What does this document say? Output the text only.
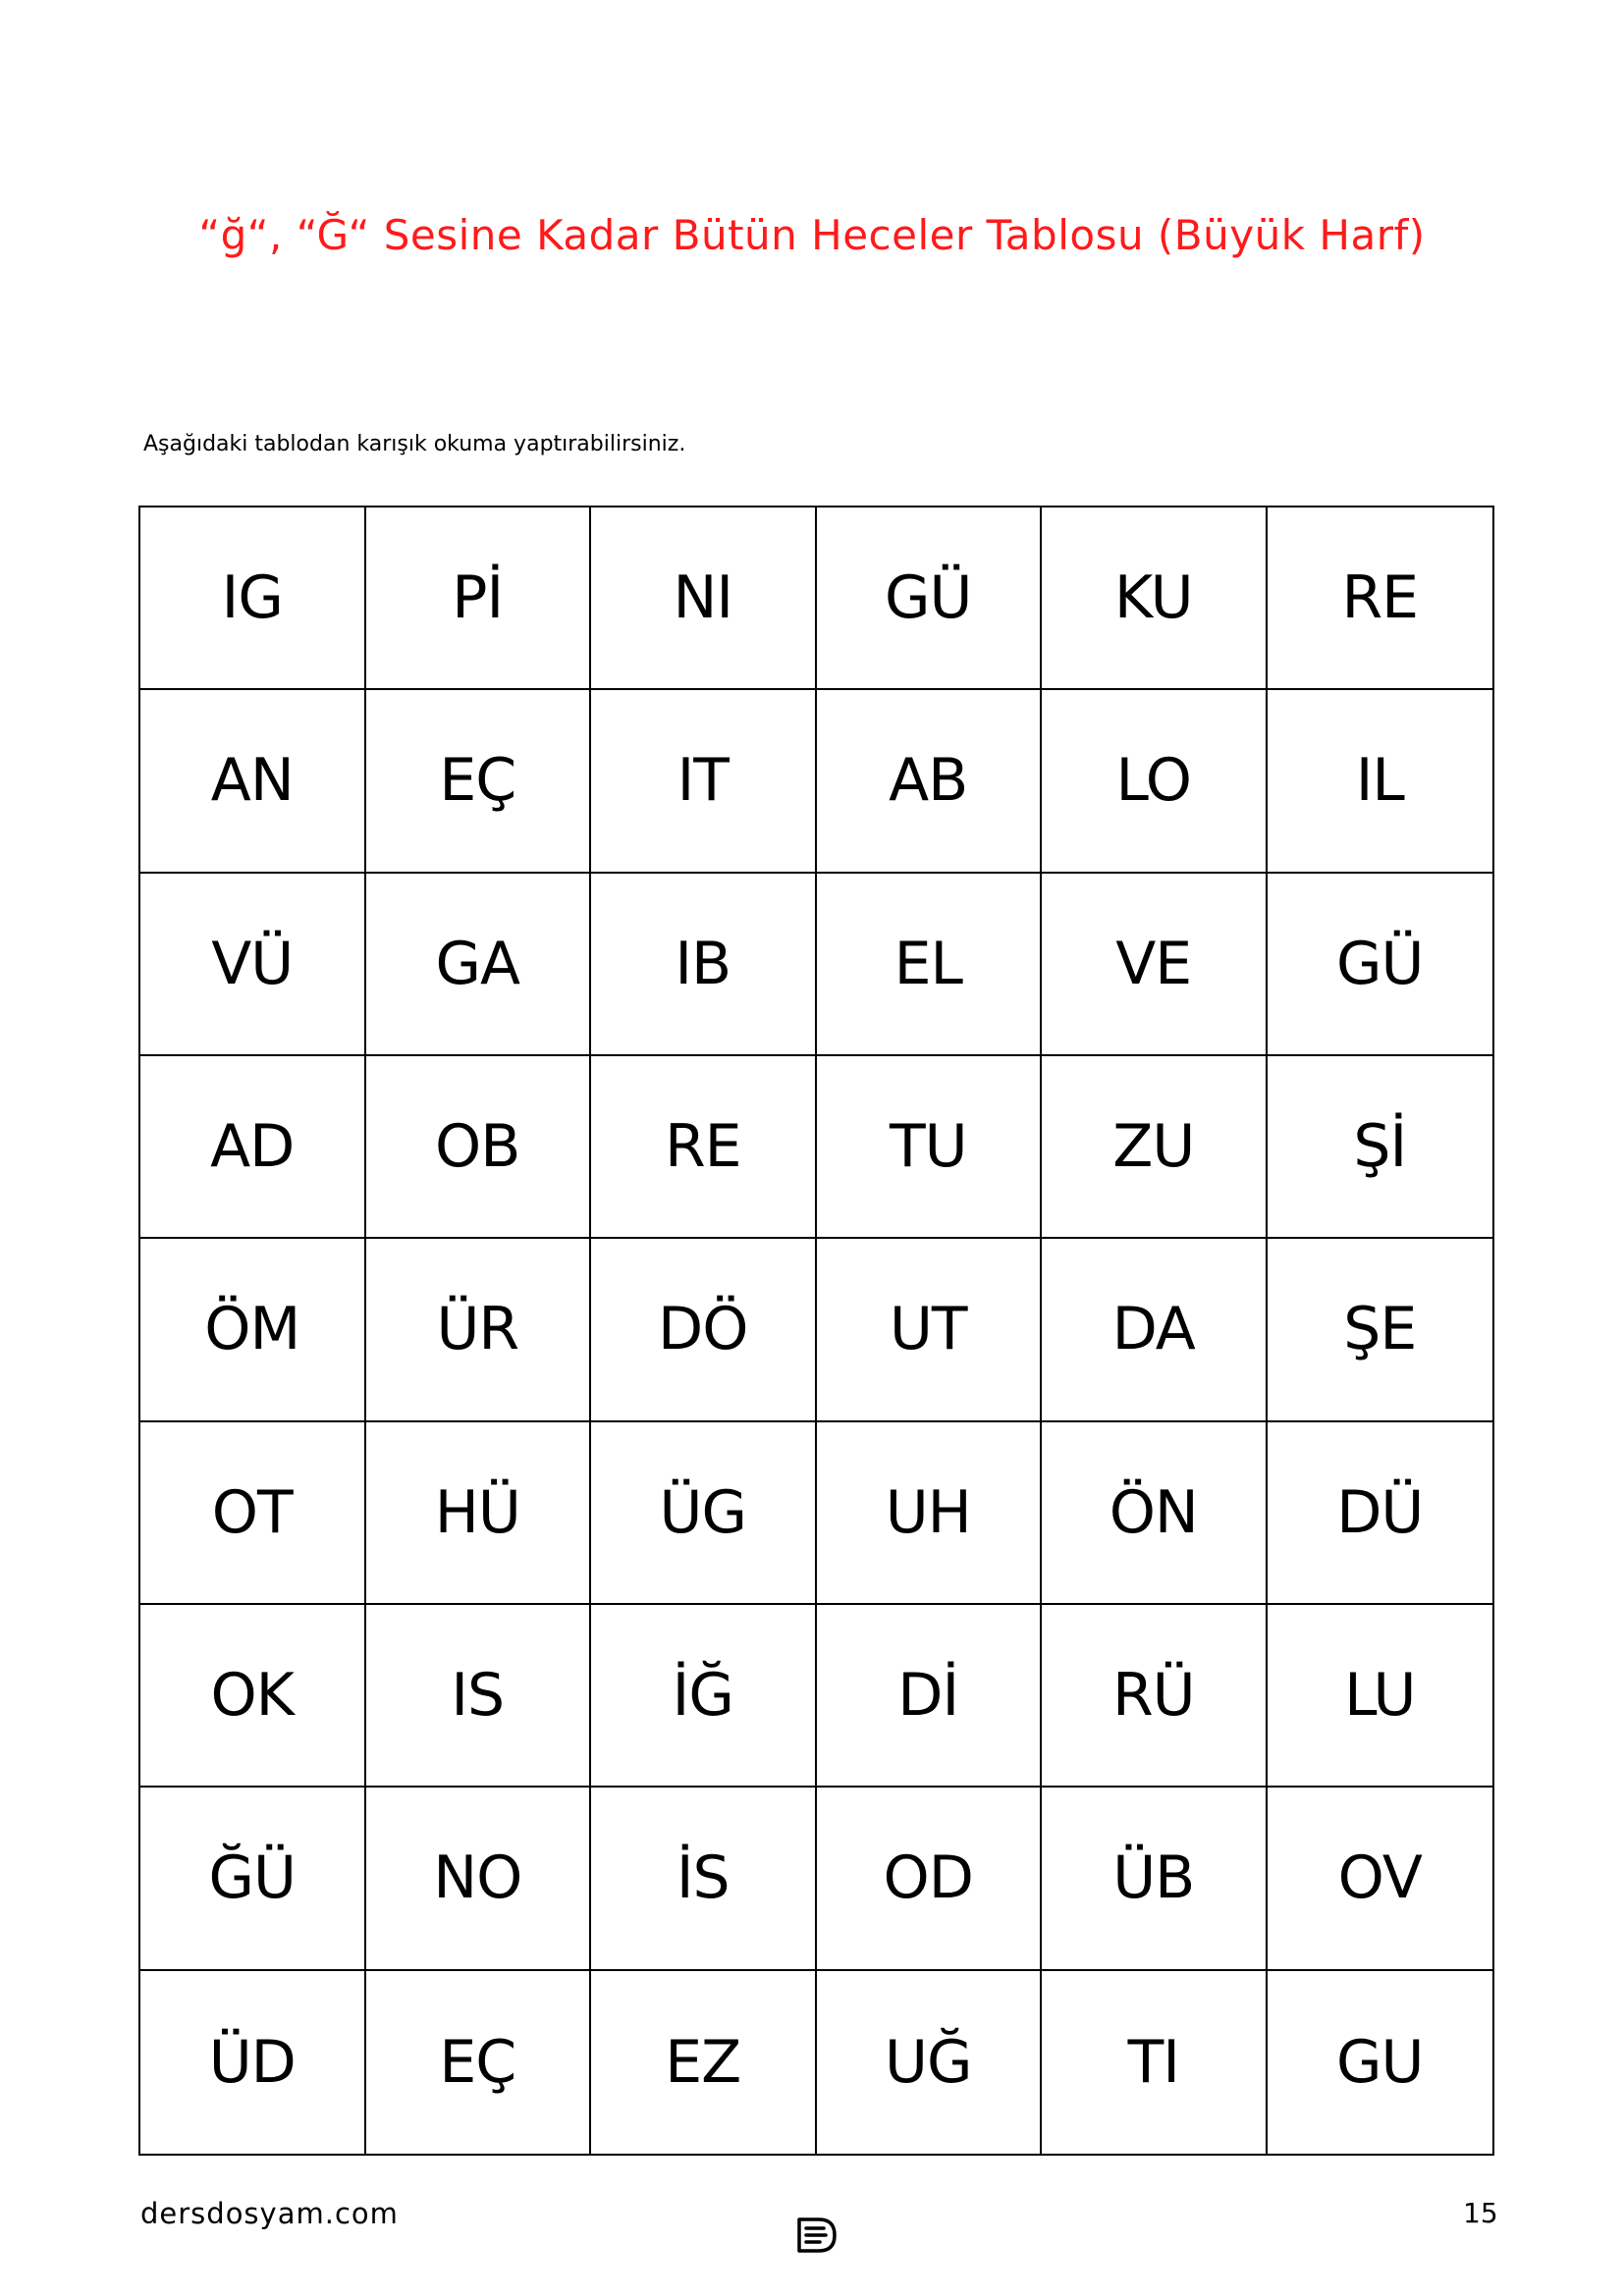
“ğ“, “Ğ“ Sesine Kadar Bütün Heceler Tablosu (Büyük Harf)
Aşağıdaki tablodan karışık okuma yaptırabilirsiniz.
IG	Pİ	NI	GÜ	KU	RE
AN	EÇ	IT	AB	LO	IL
VÜ	GA	IB	EL	VE	GÜ
AD	OB	RE	TU	ZU	Şİ
ÖM	ÜR	DÖ	UT	DA	ŞE
OT	HÜ	ÜG	UH	ÖN	DÜ
OK	IS	İĞ	Dİ	RÜ	LU
ĞÜ	NO	İS	OD	ÜB	OV
ÜD	EÇ	EZ	UĞ	TI	GU
dersdosyam.com	15
